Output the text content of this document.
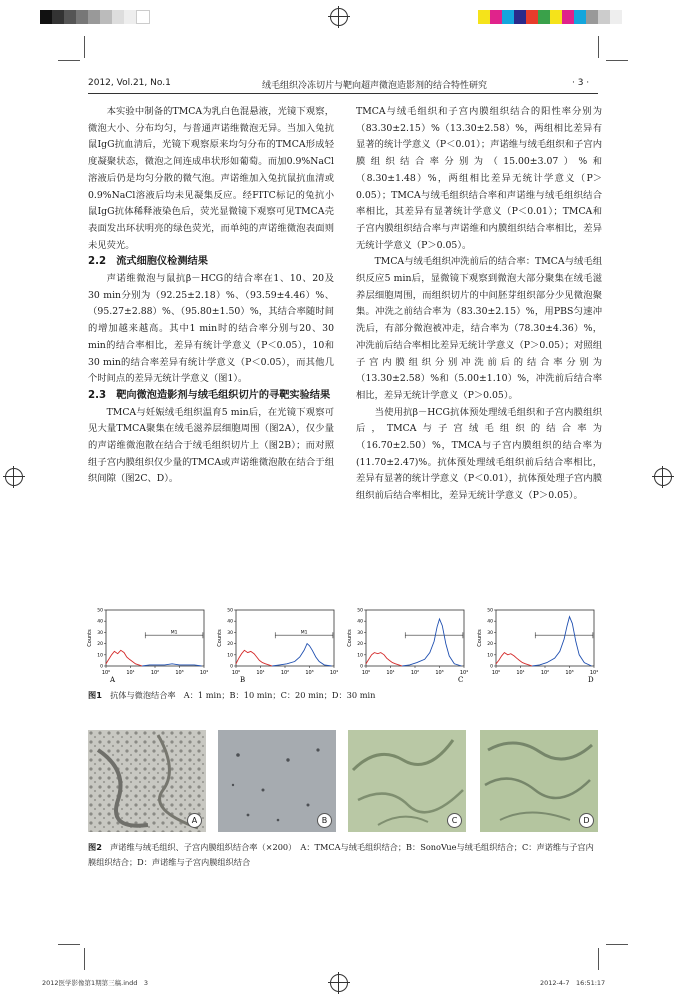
2012, Vol.21, No.1	绒毛组织冷冻切片与靶向超声微泡造影剂的结合特性研究	· 3 ·

本实验中制备的TMCA为乳白色混悬液，光镜下观察，微泡大小、分布均匀，与普通声诺维微泡无异。当加入兔抗鼠IgG抗血清后，光镜下观察原来均匀分布的TMCA形成轻度凝聚状态，微泡之间连成串状形如葡萄。而加0.9%NaCl溶液后仍是均匀分散的微气泡。声诺维加入兔抗鼠抗血清或0.9%NaCl溶液后均未见凝集反应。经FITC标记的兔抗小鼠IgG抗体稀释液染色后，荧光显微镜下观察可见TMCA壳表面发出环状明亮的绿色荧光，而单纯的声诺维微泡表面则未见荧光。

2.2　流式细胞仪检测结果

声诺维微泡与鼠抗β－HCG的结合率在1、10、20及30 min分别为（92.25±2.18）%、（93.59±4.46）%、（95.27±2.88）%、（95.80±1.50）%，其结合率随时间的增加越来越高。其中1 min时的结合率分别与20、30 min的结合率相比，差异有统计学意义（P＜0.05），10和30 min的结合率差异有统计学意义（P＜0.05），而其他几个时间点的差异无统计学意义（图1）。

2.3　靶向微泡造影剂与绒毛组织切片的寻靶实验结果

TMCA与妊娠绒毛组织温育5 min后，在光镜下观察可见大量TMCA聚集在绒毛滋养层细胞周围（图2A），仅少量的声诺维微泡散在结合于绒毛组织切片上（图2B）；而对照组子宫内膜组织仅少量的TMCA或声诺维微泡散在结合于组织间隙（图2C、D）。

TMCA与绒毛组织和子宫内膜组织结合的阳性率分别为（83.30±2.15）%（13.30±2.58）%，两组相比差异有显著的统计学意义（P＜0.01）；声诺维与绒毛组织和子宫内膜组织结合率分别为（15.00±3.07）%和（8.30±1.48）%，两组相比差异无统计学意义（P＞0.05）；TMCA与绒毛组织结合率和声诺维与绒毛组织结合率相比，其差异有显著统计学意义（P＜0.01）；TMCA和子宫内膜组织结合率与声诺维和内膜组织结合率相比，差异无统计学意义（P＞0.05）。

TMCA与绒毛组织冲洗前后的结合率：TMCA与绒毛组织反应5 min后，显微镜下观察到微泡大部分聚集在绒毛滋养层细胞周围，而组织切片的中间胚芽组织部分少见微泡聚集。冲洗之前结合率为（83.30±2.15）%，用PBS匀速冲洗后，有部分微泡被冲走，结合率为（78.30±4.36）%，冲洗前后结合率相比差异无统计学意义（P＞0.05）；对照组子宫内膜组织分别冲洗前后的结合率分别为（13.30±2.58）%和（5.00±1.10）%，冲洗前后结合率相比，差异无统计学意义（P＞0.05）。

当使用抗β－HCG抗体预处理绒毛组织和子宫内膜组织后，TMCA与子宫绒毛组织的结合率为（16.70±2.50）%，TMCA与子宫内膜组织的结合率为(11.70±2.47)%。抗体预处理绒毛组织前后结合率相比，差异有显著的统计学意义（P＜0.01），抗体预处理子宫内膜组织前后结合率相比，差异无统计学意义（P＞0.05）。

0
10
20
30
40
50
10⁰	10¹	10²	10³	10⁴
Counts	M1
A
0
10
20
30
40
50
10⁰	10¹	10²	10³	10⁴
Counts	M1
B
0
10
20
30
40
50
10⁰	10¹	10²	10³	10⁴
Counts
C
0
10
20
30
40
50
10⁰	10¹	10²	10³	10⁴
Counts
D
图1　 抗体与微泡结合率　A：1 min；B：10 min；C：20 min；D：30 min
A	B	C	D
图2　 声诺维与绒毛组织、子宫内膜组织结合率（×200）　A：TMCA与绒毛组织结合；B：SonoVue与绒毛组织结合；C：声诺维与子宫内膜组织结合；D：声诺维与子宫内膜组织结合
2012医学影像第1期第三稿.indd　3	2012-4-7　16:51:17
